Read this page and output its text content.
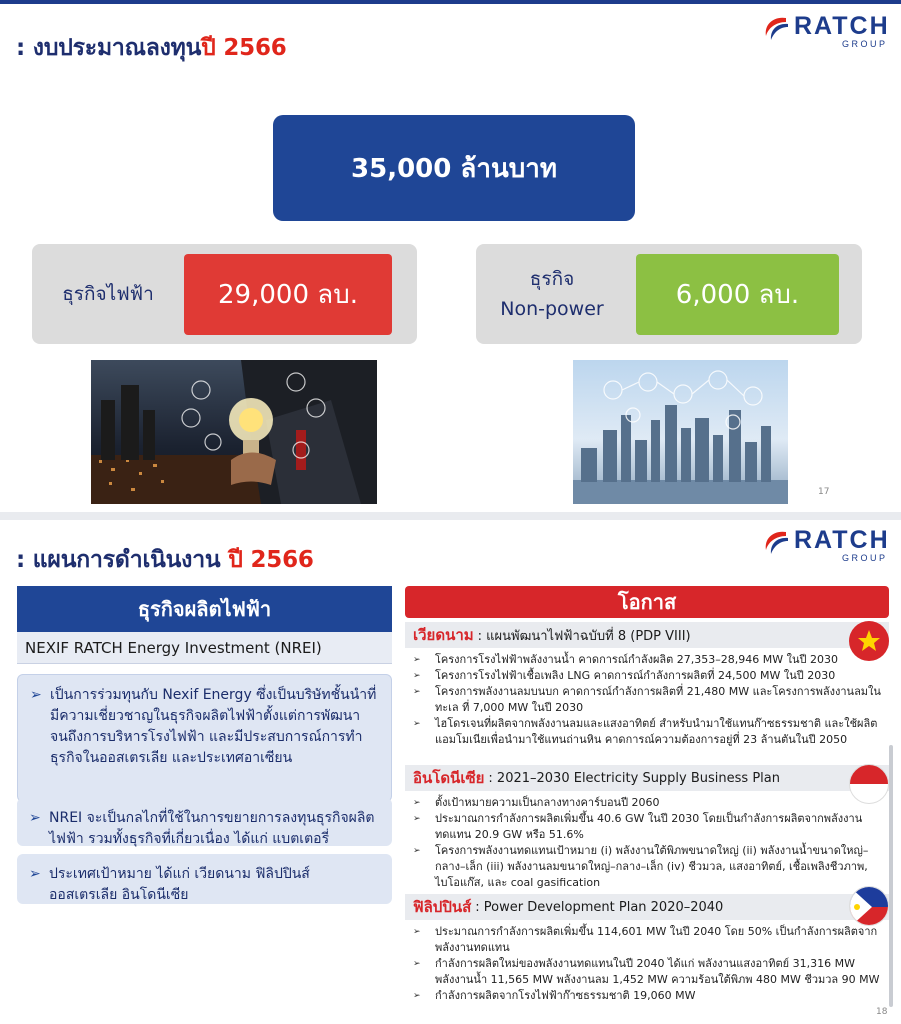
: งบประมาณลงทุนปี 2566
RATCH
GROUP
35,000 ล้านบาท
ธุรกิจไฟฟ้า	29,000 ลบ.
ธุรกิจ
Non-power	6,000 ลบ.
17
: แผนการดำเนินงาน ปี 2566
RATCH
GROUP
ธุรกิจผลิตไฟฟ้า
NEXIF RATCH Energy Investment (NREI)
➢ เป็นการร่วมทุนกับ Nexif Energy ซึ่งเป็นบริษัทชั้นนำที่มีความเชี่ยวชาญในธุรกิจผลิตไฟฟ้าตั้งแต่การพัฒนาจนถึงการบริหารโรงไฟฟ้า และมีประสบการณ์การทำธุรกิจในออสเตรเลีย และประเทศอาเซียน
➢ NREI จะเป็นกลไกที่ใช้ในการขยายการลงทุนธุรกิจผลิตไฟฟ้า รวมทั้งธุรกิจที่เกี่ยวเนื่อง ได้แก่ แบตเตอรี่
➢ ประเทศเป้าหมาย ได้แก่ เวียดนาม ฟิลิปปินส์ ออสเตรเลีย อินโดนีเซีย
โอกาส
เวียดนาม : แผนพัฒนาไฟฟ้าฉบับที่ 8 (PDP VIII)
➢ โครงการโรงไฟฟ้าพลังงานน้ำ คาดการณ์กำลังผลิต 27,353–28,946 MW ในปี 2030
➢ โครงการโรงไฟฟ้าเชื้อเพลิง LNG คาดการณ์กำลังการผลิตที่ 24,500 MW ในปี 2030
➢ โครงการพลังงานลมบนบก คาดการณ์กำลังการผลิตที่ 21,480 MW และโครงการพลังงานลมในทะเล ที่ 7,000 MW ในปี 2030
➢ ไฮโดรเจนที่ผลิตจากพลังงานลมและแสงอาทิตย์ สำหรับนำมาใช้แทนก๊าซธรรมชาติ และใช้ผลิตแอมโมเนียเพื่อนำมาใช้แทนถ่านหิน คาดการณ์ความต้องการอยู่ที่ 23 ล้านตันในปี 2050
อินโดนีเซีย : 2021–2030 Electricity Supply Business Plan
➢ ตั้งเป้าหมายความเป็นกลางทางคาร์บอนปี 2060
➢ ประมาณการกำลังการผลิตเพิ่มขึ้น 40.6 GW ในปี 2030 โดยเป็นกำลังการผลิตจากพลังงานทดแทน 20.9 GW หรือ 51.6%
➢ โครงการพลังงานทดแทนเป้าหมาย (i) พลังงานใต้พิภพขนาดใหญ่ (ii) พลังงานน้ำขนาดใหญ่–กลาง–เล็ก (iii) พลังงานลมขนาดใหญ่–กลาง–เล็ก (iv) ชีวมวล, แสงอาทิตย์, เชื้อเพลิงชีวภาพ, ไบโอแก๊ส, และ coal gasification
ฟิลิปปินส์ : Power Development Plan 2020–2040
➢ ประมาณการกำลังการผลิตเพิ่มขึ้น 114,601 MW ในปี 2040 โดย 50% เป็นกำลังการผลิตจากพลังงานทดแทน
➢ กำลังการผลิตใหม่ของพลังงานทดแทนในปี 2040 ได้แก่ พลังงานแสงอาทิตย์ 31,316 MW พลังงานน้ำ 11,565 MW พลังงานลม 1,452 MW ความร้อนใต้พิภพ 480 MW ชีวมวล 90 MW
➢ กำลังการผลิตจากโรงไฟฟ้าก๊าซธรรมชาติ 19,060 MW
18
